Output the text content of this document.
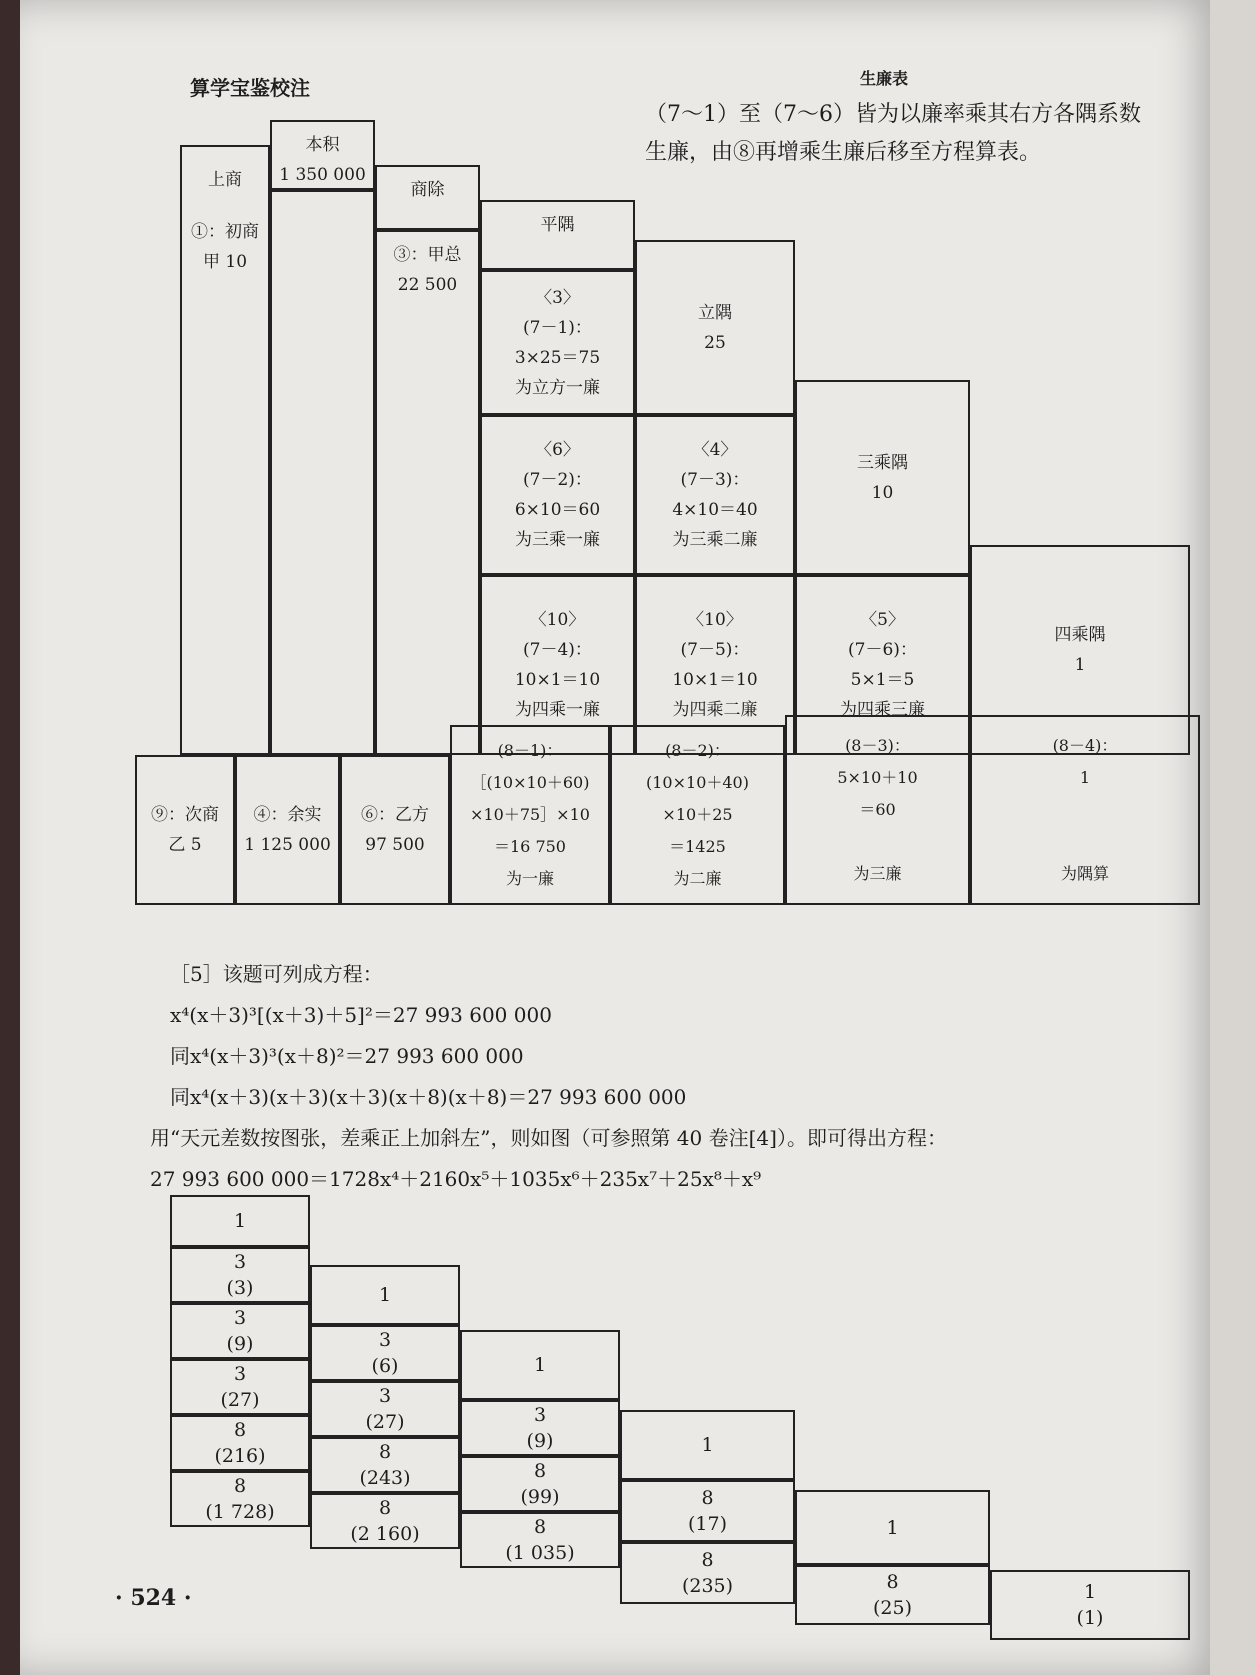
算学宝鉴校注	生廉表
（7～1）至（7～6）皆为以廉率乘其右方各隅系数生廉，由⑧再增乘生廉后移至方程算表。
上商
①：初商
甲 10
本积
1 350 000
商除
③：甲总
22 500
平隅
〈3〉
(7－1)：
3×25＝75
为立方一廉
立隅
25
〈6〉
(7－2)：
6×10＝60
为三乘一廉
〈4〉
(7－3)：
4×10＝40
为三乘二廉
三乘隅
10
〈10〉
(7－4)：
10×1＝10
为四乘一廉
〈10〉
(7－5)：
10×1＝10
为四乘二廉
〈5〉
(7－6)：
5×1＝5
为四乘三廉
四乘隅
1
⑨：次商
乙 5
④：余实
1 125 000
⑥：乙方
97 500
(8－1)：
［(10×10＋60)
×10＋75］×10
＝16 750
为一廉
(8－2)：
(10×10＋40)
×10＋25
＝1425
为二廉
(8－3)：
5×10＋10
＝60

为三廉
(8－4)：
1

为隅算
［5］该题可列成方程：
x⁴(x＋3)³[(x＋3)＋5]²＝27 993 600 000
同x⁴(x＋3)³(x＋8)²＝27 993 600 000
同x⁴(x＋3)(x＋3)(x＋3)(x＋8)(x＋8)＝27 993 600 000
用“天元差数按图张，差乘正上加斜左”，则如图（可参照第 40 卷注[4]）。即可得出方程：
27 993 600 000＝1728x⁴＋2160x⁵＋1035x⁶＋235x⁷＋25x⁸＋x⁹
1
3
(3)
3
(9)
3
(27)
8
(216)
8
(1 728)
1
3
(6)
3
(27)
8
(243)
8
(2 160)
1
3
(9)
8
(99)
8
(1 035)
1
8
(17)
8
(235)
1
8
(25)
1
(1)
· 524 ·
